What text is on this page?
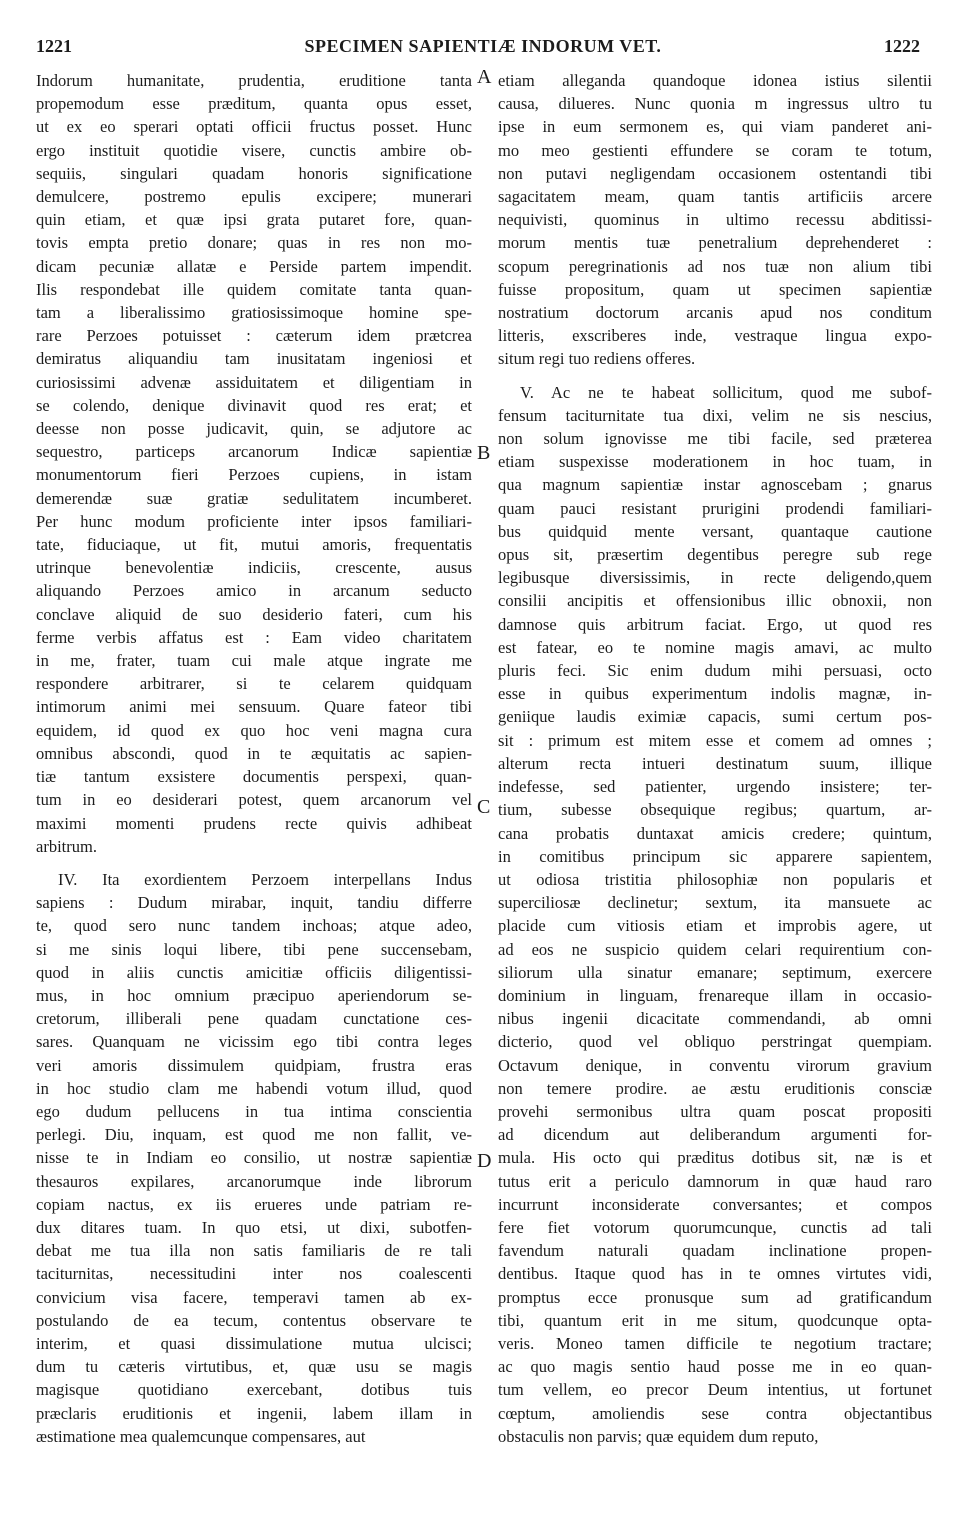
1221	SPECIMEN SAPIENTIÆ INDORUM VET.	1222

Indorum humanitate, prudentia, eruditione tanta
propemodum esse præditum, quanta opus esset,
ut ex eo sperari optati officii fructus posset. Hunc
ergo instituit quotidie visere, cunctis ambire ob-
sequiis, singulari quadam honoris significatione
demulcere, postremo epulis excipere; munerari
quin etiam, et quæ ipsi grata putaret fore, quan-
tovis empta pretio donare; quas in res non mo-
dicam pecuniæ allatæ e Perside partem impendit.
Ilis respondebat ille quidem comitate tanta quan-
tam a liberalissimo gratiosissimoque homine spe-
rare Perzoes potuisset : cæterum idem prætcrea
demiratus aliquandiu tam inusitatam ingeniosi et
curiosissimi advenæ assiduitatem et diligentiam in
se colendo, denique divinavit quod res erat; et
deesse non posse judicavit, quin, se adjutore ac
sequestro, particeps arcanorum Indicæ sapientiæ
monumentorum fieri Perzoes cupiens, in istam
demerendæ suæ gratiæ sedulitatem incumberet.
Per hunc modum proficiente inter ipsos familiari-
tate, fiduciaque, ut fit, mutui amoris, frequentatis
utrinque benevolentiæ indiciis, crescente, ausus
aliquando Perzoes amico in arcanum seducto
conclave aliquid de suo desiderio fateri, cum his
ferme verbis affatus est : Eam video charitatem
in me, frater, tuam cui male atque ingrate me
respondere arbitrarer, si te celarem quidquam
intimorum animi mei sensuum. Quare fateor tibi
equidem, id quod ex quo hoc veni magna cura
omnibus abscondi, quod in te æquitatis ac sapien-
tiæ tantum exsistere documentis perspexi, quan-
tum in eo desiderari potest, quem arcanorum vel
maximi momenti prudens recte quivis adhibeat
arbitrum.

IV. Ita exordientem Perzoem interpellans Indus
sapiens : Dudum mirabar, inquit, tandiu differre
te, quod sero nunc tandem inchoas; atque adeo,
si me sinis loqui libere, tibi pene succensebam,
quod in aliis cunctis amicitiæ officiis diligentissi-
mus, in hoc omnium præcipuo aperiendorum se-
cretorum, illiberali pene quadam cunctatione ces-
sares. Quanquam ne vicissim ego tibi contra leges
veri amoris dissimulem quidpiam, frustra eras
in hoc studio clam me habendi votum illud, quod
ego dudum pellucens in tua intima conscientia
perlegi. Diu, inquam, est quod me non fallit, ve-
nisse te in Indiam eo consilio, ut nostræ sapientiæ
thesauros expilares, arcanorumque inde librorum
copiam nactus, ex iis erueres unde patriam re-
dux ditares tuam. In quo etsi, ut dixi, subotfen-
debat me tua illa non satis familiaris de re tali
taciturnitas, necessitudini inter nos coalescenti
convicium visa facere, temperavi tamen ab ex-
postulando de ea tecum, contentus observare te
interim, et quasi dissimulatione mutua ulcisci;
dum tu cæteris virtutibus, et, quæ usu se magis
magisque quotidiano exercebant, dotibus tuis
præclaris eruditionis et ingenii, labem illam in
æstimatione mea qualemcunque compensares, aut

etiam alleganda quandoque idonea istius silentii
causa, dilueres. Nunc quonia m ingressus ultro tu
ipse in eum sermonem es, qui viam panderet ani-
mo meo gestienti effundere se coram te totum,
non putavi negligendam occasionem ostentandi tibi
sagacitatem meam, quam tantis artificiis arcere
nequivisti, quominus in ultimo recessu abditissi-
morum mentis tuæ penetralium deprehenderet :
scopum peregrinationis ad nos tuæ non alium tibi
fuisse propositum, quam ut specimen sapientiæ
nostratium doctorum arcanis apud nos conditum
litteris, exscriberes inde, vestraque lingua expo-
situm regi tuo rediens offeres.

V. Ac ne te habeat sollicitum, quod me subof-
fensum taciturnitate tua dixi, velim ne sis nescius,
non solum ignovisse me tibi facile, sed præterea
etiam suspexisse moderationem in hoc tuam, in
qua magnum sapientiæ instar agnoscebam ; gnarus
quam pauci resistant prurigini prodendi familiari-
bus quidquid mente versant, quantaque cautione
opus sit, præsertim degentibus peregre sub rege
legibusque diversissimis, in recte deligendo,quem
consilii ancipitis et offensionibus illic obnoxii, non
damnose quis arbitrum faciat. Ergo, ut quod res
est fatear, eo te nomine magis amavi, ac multo
pluris feci. Sic enim dudum mihi persuasi, octo
esse in quibus experimentum indolis magnæ, in-
geniique laudis eximiæ capacis, sumi certum pos-
sit : primum est mitem esse et comem ad omnes ;
alterum recta intueri destinatum suum, illique
indefesse, sed patienter, urgendo insistere; ter-
tium, subesse obsequique regibus; quartum, ar-
cana probatis duntaxat amicis credere; quintum,
in comitibus principum sic apparere sapientem,
ut odiosa tristitia philosophiæ non popularis et
superciliosæ declinetur; sextum, ita mansuete ac
placide cum vitiosis etiam et improbis agere, ut
ad eos ne suspicio quidem celari requirentium con-
siliorum ulla sinatur emanare; septimum, exercere
dominium in linguam, frenareque illam in occasio-
nibus ingenii dicacitate commendandi, ab omni
dicterio, quod vel obliquo perstringat quempiam.
Octavum denique, in conventu virorum gravium
non temere prodire. ae æstu eruditionis consciæ
provehi sermonibus ultra quam poscat propositi
ad dicendum aut deliberandum argumenti for-
mula. His octo qui præditus dotibus sit, næ is et
tutus erit a periculo damnorum in quæ haud raro
incurrunt inconsiderate conversantes; et compos
fere fiet votorum quorumcunque, cunctis ad tali
favendum naturali quadam inclinatione propen-
dentibus. Itaque quod has in te omnes virtutes vidi,
promptus ecce pronusque sum ad gratificandum
tibi, quantum erit in me situm, quodcunque opta-
veris. Moneo tamen difficile te negotium tractare;
ac quo magis sentio haud posse me in eo quan-
tum vellem, eo precor Deum intentius, ut fortunet
cœptum, amoliendis sese contra objectantibus
obstaculis non parvis; quæ equidem dum reputo,

A
B
C
D
